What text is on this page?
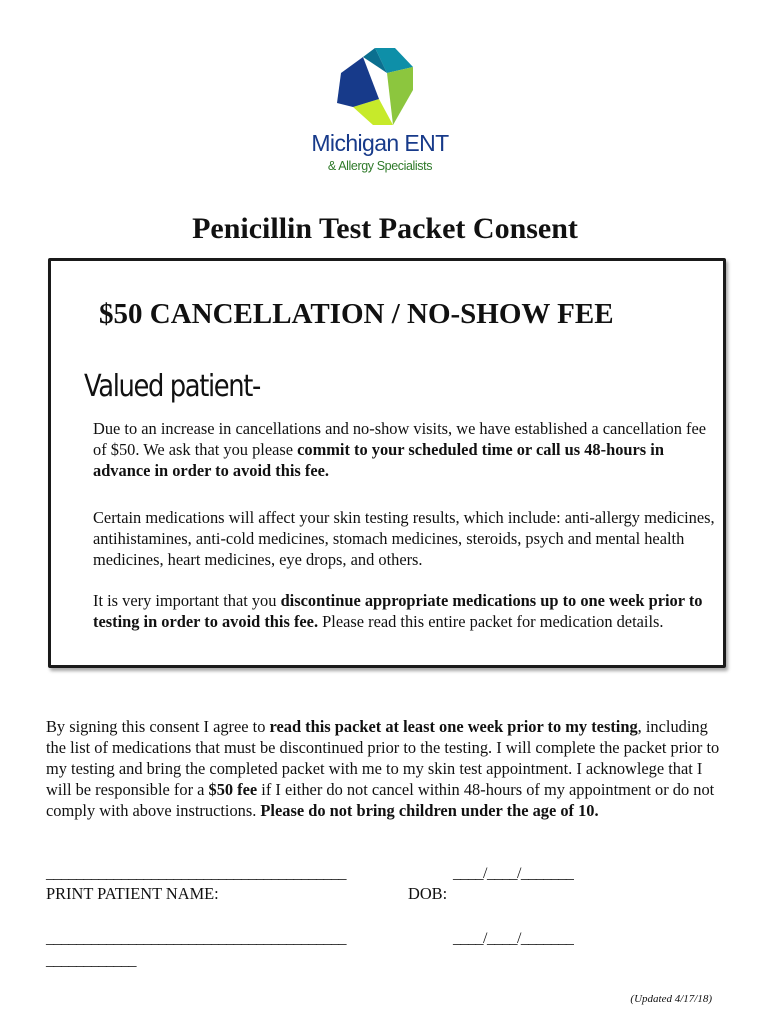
Michigan ENT
& Allergy Specialists
Penicillin Test Packet Consent
$50 CANCELLATION / NO-SHOW FEE
Valued patient-

Due to an increase in cancellations and no-show visits, we have established a cancellation fee of $50. We ask that you please commit to your scheduled time or call us 48-hours in advance in order to avoid this fee.

Certain medications will affect your skin testing results, which include: anti-allergy medicines, antihistamines, anti-cold medicines, stomach medicines, steroids, psych and mental health medicines, heart medicines, eye drops, and others.

It is very important that you discontinue appropriate medications up to one week prior to testing in order to avoid this fee. Please read this entire packet for medication details.

By signing this consent I agree to read this packet at least one week prior to my testing, including the list of medications that must be discontinued prior to the testing. I will complete the packet prior to my testing and bring the completed packet with me to my skin test appointment. I acknowlege that I will be responsible for a $50 fee if I either do not cancel within 48-hours of my appointment or do not comply with above instructions. Please do not bring children under the age of 10.

________________________________________	____/____/_______
PRINT PATIENT NAME:	DOB:
________________________________________	____/____/_______
____________
(Updated 4/17/18)
